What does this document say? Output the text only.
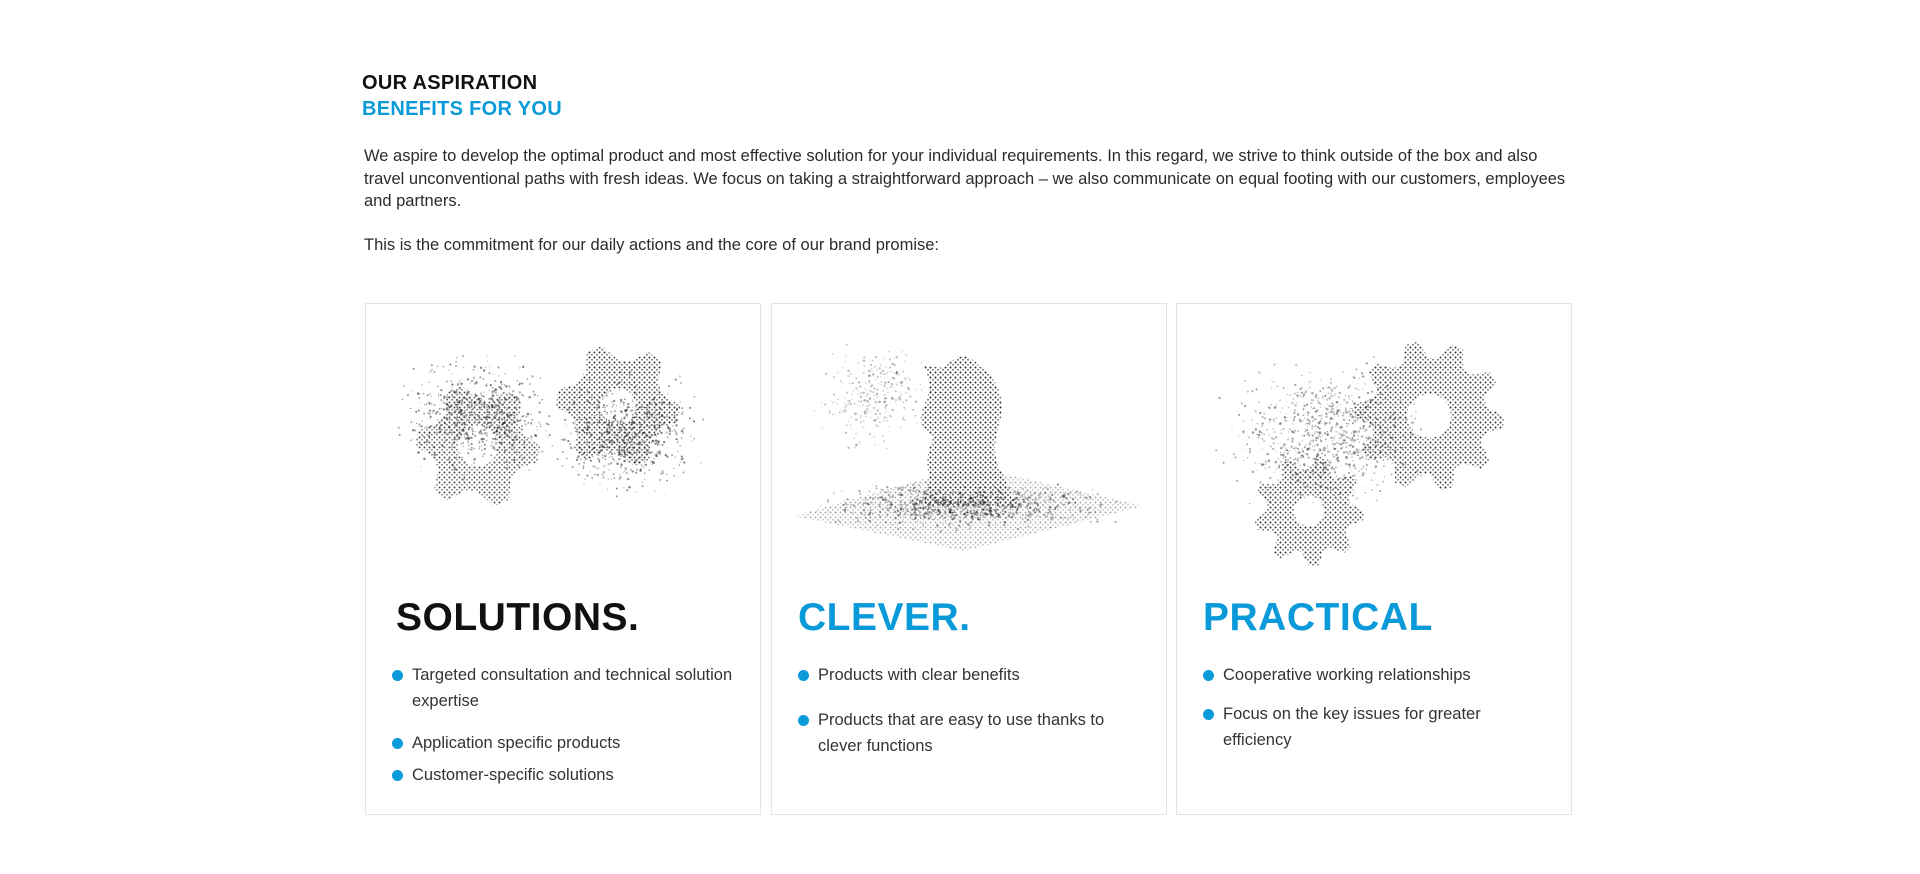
OUR ASPIRATION
BENEFITS FOR YOU

We aspire to develop the optimal product and most effective solution for your individual requirements. In this regard, we strive to think outside of the box and also travel unconventional paths with fresh ideas. We focus on taking a straightforward approach – we also communicate on equal footing with our customers, employees and partners.

This is the commitment for our daily actions and the core of our brand promise:

SOLUTIONS.
Targeted consultation and technical solution expertise
Application specific products
Customer-specific solutions
CLEVER.
Products with clear benefits
Products that are easy to use thanks to clever functions
PRACTICAL
Cooperative working relationships
Focus on the key issues for greater efficiency
